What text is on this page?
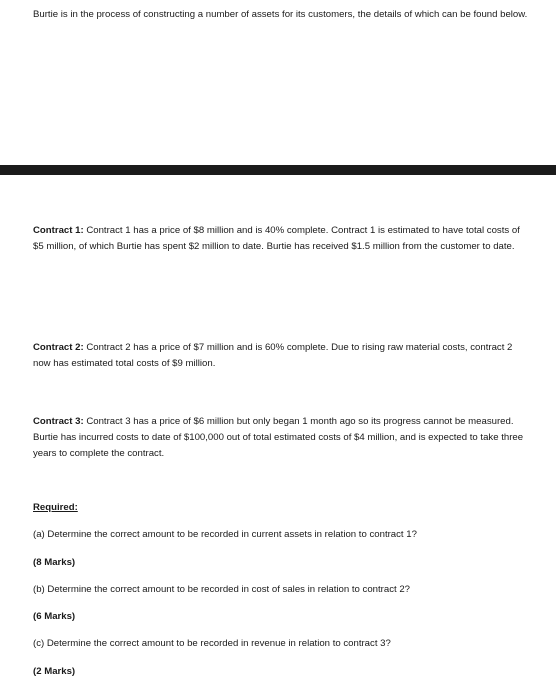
Burtie is in the process of constructing a number of assets for its customers, the details of which can be found below.

Contract 1: Contract 1 has a price of $8 million and is 40% complete. Contract 1 is estimated to have total costs of $5 million, of which Burtie has spent $2 million to date. Burtie has received $1.5 million from the customer to date.

Contract 2: Contract 2 has a price of $7 million and is 60% complete. Due to rising raw material costs, contract 2 now has estimated total costs of $9 million.

Contract 3: Contract 3 has a price of $6 million but only began 1 month ago so its progress cannot be measured. Burtie has incurred costs to date of $100,000 out of total estimated costs of $4 million, and is expected to take three years to complete the contract.

Required:

(a) Determine the correct amount to be recorded in current assets in relation to contract 1?

(8 Marks)

(b) Determine the correct amount to be recorded in cost of sales in relation to contract 2?

(6 Marks)

(c) Determine the correct amount to be recorded in revenue in relation to contract 3?

(2 Marks)
